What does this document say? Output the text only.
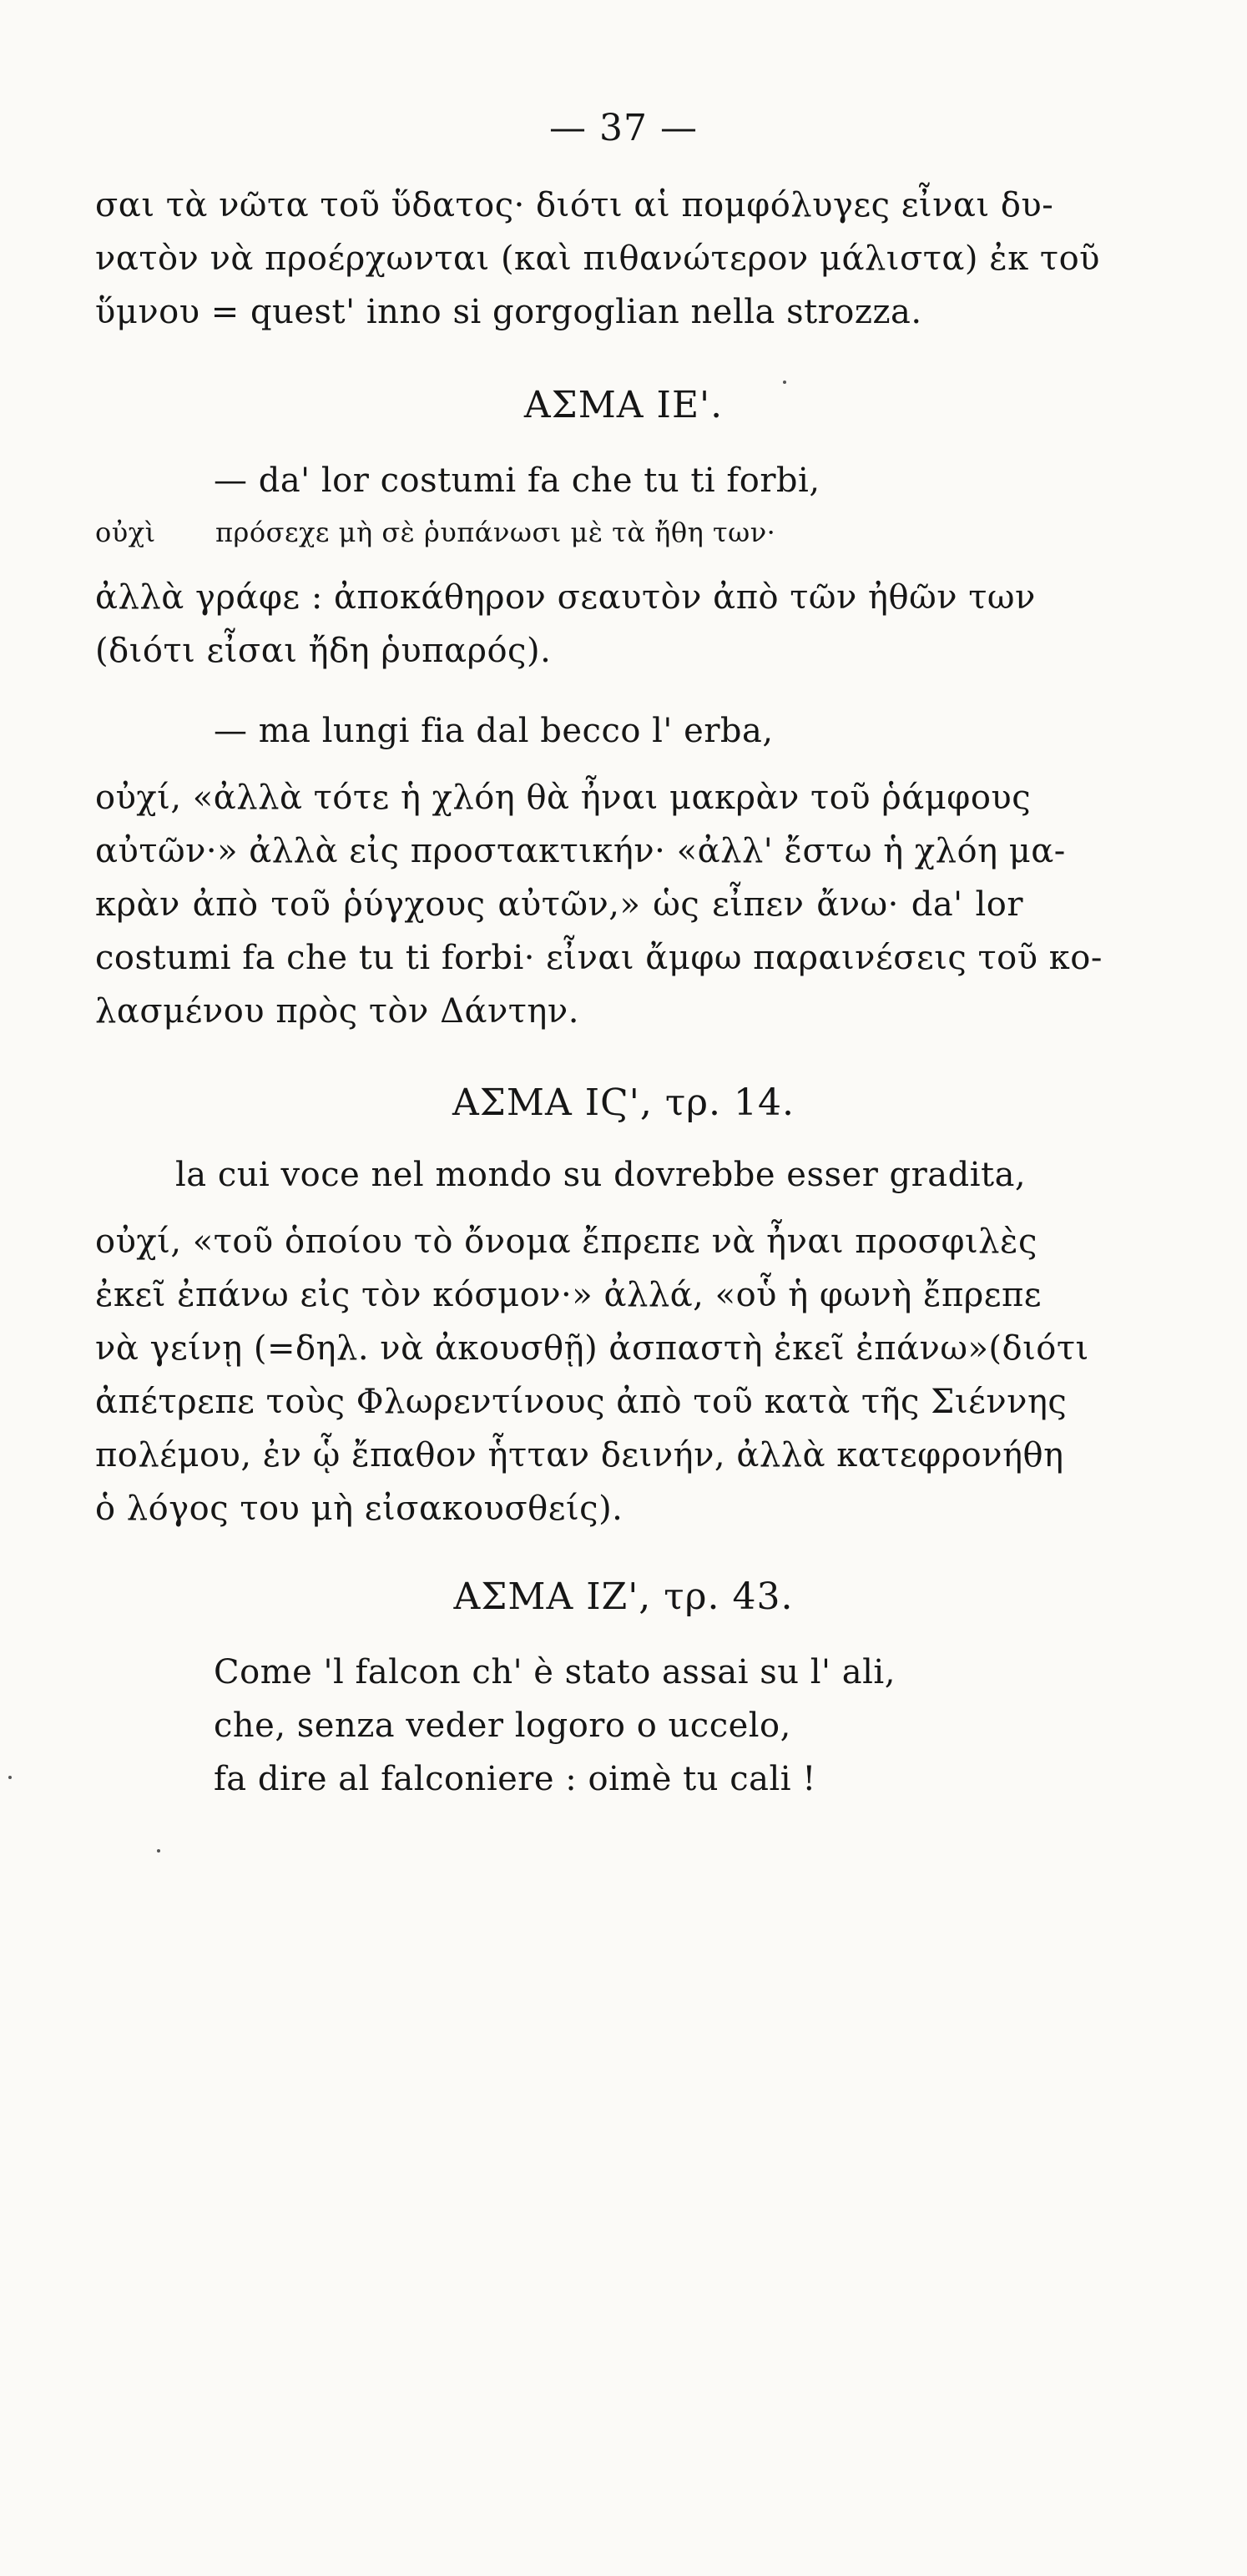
— 37 —
σαι τὰ νῶτα τοῦ ὕδατος· διότι αἱ πομφόλυγες εἶναι δυ-
νατὸν νὰ προέρχωνται (καὶ πιθανώτερον μάλιστα) ἐκ τοῦ
ὕμνου = quest' inno si gorgoglian nella strozza.
ΑΣΜΑ ΙΕ'.
— da' lor costumi fa che tu ti forbi,
οὐχὶ πρόσεχε μὴ σὲ ῥυπάνωσι μὲ τὰ ἤθη των·
ἀλλὰ γράφε : ἀποκάθηρον σεαυτὸν ἀπὸ τῶν ἠθῶν των
(διότι εἶσαι ἤδη ῥυπαρός).
— ma lungi fia dal becco l' erba,
οὐχί, «ἀλλὰ τότε ἡ χλόη θὰ ἦναι μακρὰν τοῦ ῥάμφους
αὐτῶν·» ἀλλὰ εἰς προστακτικήν· «ἀλλ' ἔστω ἡ χλόη μα-
κρὰν ἀπὸ τοῦ ῥύγχους αὐτῶν,» ὡς εἶπεν ἄνω· da' lor
costumi fa che tu ti forbi· εἶναι ἄμφω παραινέσεις τοῦ κο-
λασμένου πρὸς τὸν Δάντην.
ΑΣΜΑ ΙϚ', τρ. 14.
la cui voce nel mondo su dovrebbe esser gradita,
οὐχί, «τοῦ ὁποίου τὸ ὄνομα ἔπρεπε νὰ ἦναι προσφιλὲς
ἐκεῖ ἐπάνω εἰς τὸν κόσμον·» ἀλλά, «οὗ ἡ φωνὴ ἔπρεπε
νὰ γείνῃ (=δηλ. νὰ ἀκουσθῇ) ἀσπαστὴ ἐκεῖ ἐπάνω»(διότι
ἀπέτρεπε τοὺς Φλωρεντίνους ἀπὸ τοῦ κατὰ τῆς Σιέννης
πολέμου, ἐν ᾧ ἔπαθον ἧτταν δεινήν, ἀλλὰ κατεφρονήθη
ὁ λόγος του μὴ εἰσακουσθείς).
ΑΣΜΑ ΙΖ', τρ. 43.
Come 'l falcon ch' è stato assai su l' ali,
che, senza veder logoro o uccelo,
fa dire al falconiere : oimè tu cali !
